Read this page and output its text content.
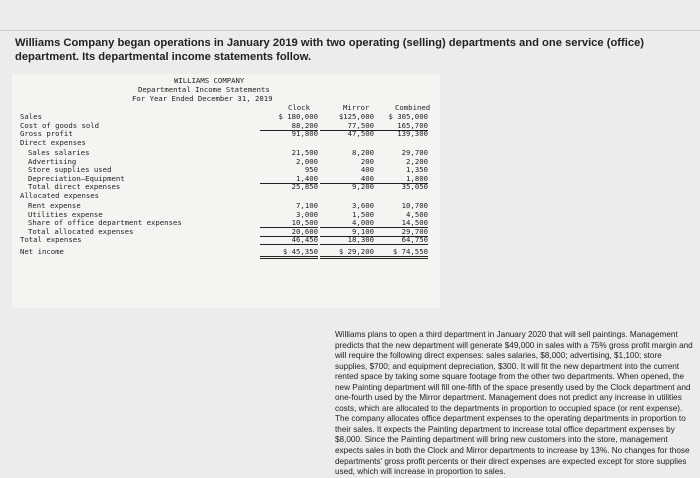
Williams Company began operations in January 2019 with two operating (selling) departments and one service (office) department. Its departmental income statements follow.
WILLIAMS COMPANY
Departmental Income Statements
For Year Ended December 31, 2019
Clock	Mirror	Combined
Sales	$ 180,000	$125,000	$ 305,000
Cost of goods sold	88,200	77,500	165,700
Gross profit	91,800	47,500	139,300
Direct expenses
Sales salaries	21,500	8,200	29,700
Advertising	2,000	200	2,200
Store supplies used	950	400	1,350
Depreciation—Equipment	1,400	400	1,800
Total direct expenses	25,850	9,200	35,050
Allocated expenses
Rent expense	7,100	3,600	10,700
Utilities expense	3,000	1,500	4,500
Share of office department expenses	10,500	4,000	14,500
Total allocated expenses	20,600	9,100	29,700
Total expenses	46,450	18,300	64,750
Net income	$ 45,350	$ 29,200	$ 74,550
Williams plans to open a third department in January 2020 that will sell paintings. Management predicts that the new department will generate $49,000 in sales with a 75% gross profit margin and will require the following direct expenses: sales salaries, $8,000; advertising, $1,100; store supplies, $700; and equipment depreciation, $300. It will fit the new department into the current rented space by taking some square footage from the other two departments. When opened, the new Painting department will fill one-fifth of the space presently used by the Clock department and one-fourth used by the Mirror department. Management does not predict any increase in utilities costs, which are allocated to the departments in proportion to occupied space (or rent expense). The company allocates office department expenses to the operating departments in proportion to their sales. It expects the Painting department to increase total office department expenses by $8,000. Since the Painting department will bring new customers into the store, management expects sales in both the Clock and Mirror departments to increase by 13%. No changes for those departments' gross profit percents or their direct expenses are expected except for store supplies used, which will increase in proportion to sales.
